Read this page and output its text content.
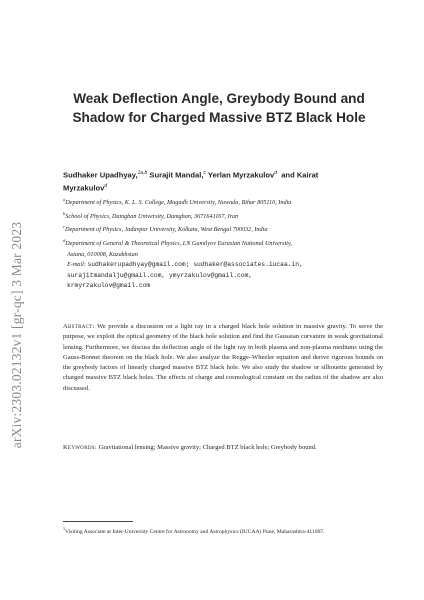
arXiv:2303.02132v1 [gr-qc] 3 Mar 2023
Weak Deflection Angle, Greybody Bound and
Shadow for Charged Massive BTZ Black Hole
Sudhaker Upadhyay,$^{1a,b}$ Surajit Mandal,$^c$ Yerlan Myrzakulov$^d$ and Kairat
Myrzakulov$^d$
$^a$Department of Physics, K. L. S. College, Magadh University, Nawada, Bihar 805110, India
$^b$School of Physics, Damghan University, Damghan, 3671641167, Iran
$^c$Department of Physics, Jadavpur University, Kolkata, West Bengal 700032, India
$^d$Department of General & Theoretical Physics, LN Gumilyov Eurasian National University,
Astana, 010008, Kazakhstan
E-mail: sudhakerupadhyay@gmail.com; sudhaker@associates.iucaa.in,
surajitmandalju@gmail.com, ymyrzakulov@gmail.com,
krmyrzakulov@gmail.com
Abstract: We provide a discussion on a light ray in a charged black hole solution in massive gravity. To serve the purpose, we exploit the optical geometry of the black hole solution and find the Gaussian curvature in weak gravitational lensing. Furthermore, we discuss the deflection angle of the light ray in both plasma and non-plasma mediums using the Gauss-Bonnet theorem on the black hole. We also analyze the Regge–Wheeler equation and derive rigorous bounds on the greybody factors of linearly charged massive BTZ black hole. We also study the shadow or silhouette generated by charged massive BTZ black holes. The effects of charge and cosmological constant on the radius of the shadow are also discussed.
Keywords: Gravitational lensing; Massive gravity; Charged BTZ black hole; Greybody bound.
$^1$Visiting Associate at Inter-University Centre for Astronomy and Astrophysics (IUCAA) Pune, Maharashtra-411007.
